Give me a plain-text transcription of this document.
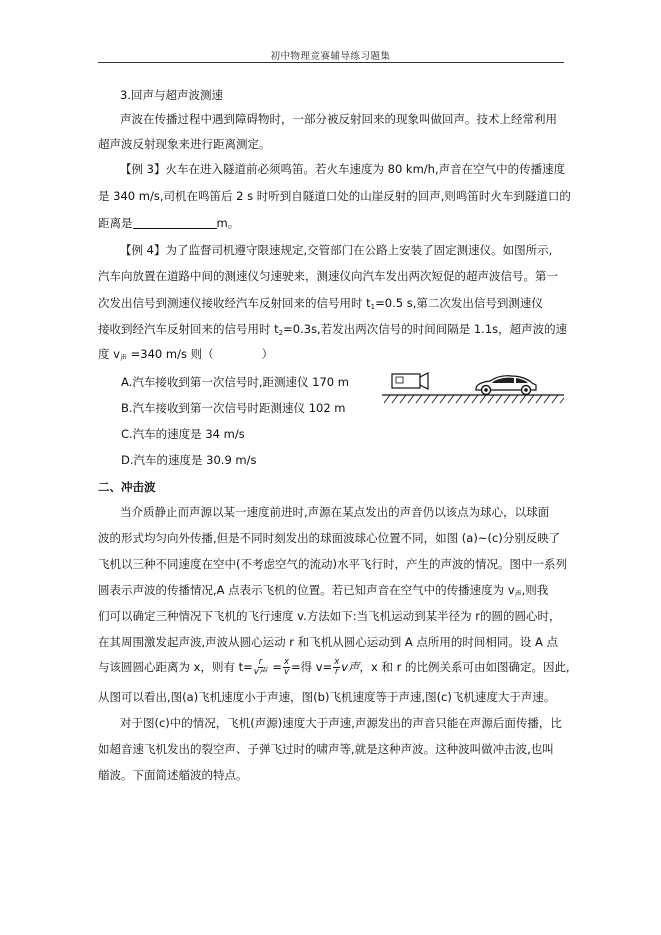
初中物理竞赛辅导练习题集
3.回声与超声波测速
声波在传播过程中遇到障碍物时，一部分被反射回来的现象叫做回声。技术上经常利用
超声波反射现象来进行距离测定。
【例 3】火车在进入隧道前必须鸣笛。若火车速度为 80 km/h,声音在空气中的传播速度
是 340 m/s,司机在鸣笛后 2 s 时听到自隧道口处的山崖反射的回声,则鸣笛时火车到隧道口的
距离是	m。
【例 4】为了监督司机遵守限速规定,交管部门在公路上安装了固定测速仪。如图所示,
汽车向放置在道路中间的测速仪匀速驶来，测速仪向汽车发出两次短促的超声波信号。第一
次发出信号到测速仪接收经汽车反射回来的信号用时 $t_1=0.5$ s,第二次发出信号到测速仪
接收到经汽车反射回来的信号用时 $t_2=0.3s$,若发出两次信号的时间间隔是 1.1s，超声波的速
度 $v_声 =340$ m/s 则（	）
A.汽车接收到第一次信号时,距测速仪 170 m
B.汽车接收到第一次信号时距测速仪 102 m
C.汽车的速度是 34 m/s
D.汽车的速度是 30.9 m/s
二、冲击波
当介质静止而声源以某一速度前进时,声源在某点发出的声音仍以该点为球心，以球面
波的形式均匀向外传播,但是不同时刻发出的球面波球心位置不同，如图 (a)~(c)分别反映了
飞机以三种不同速度在空中(不考虑空气的流动)水平飞行时，产生的声波的情况。图中一系列
圆表示声波的传播情况,A 点表示飞机的位置。若已知声音在空气中的传播速度为 $v_声$,则我
们可以确定三种情况下飞机的飞行速度 v.方法如下:当飞机运动到某半径为 r的圆的圆心时，
在其周围激发起声波,声波从圆心运动 r 和飞机从圆心运动到 A 点所用的时间相同。设 A 点
与该圆圆心距离为 x，则有 $t= \frac{r}{\text{v声}} = \frac{x}{v}$ =得 $v= \frac{x}{r}$ v声，x 和 r 的比例关系可由如图确定。因此,
从图可以看出,图(a)飞机速度小于声速，图(b)飞机速度等于声速,图(c)飞机速度大于声速。
对于图(c)中的情况，飞机(声源)速度大于声速,声源发出的声音只能在声源后面传播，比
如超音速飞机发出的裂空声、子弹飞过时的啸声等,就是这种声波。这种波叫做冲击波,也叫
艏波。下面简述艏波的特点。
